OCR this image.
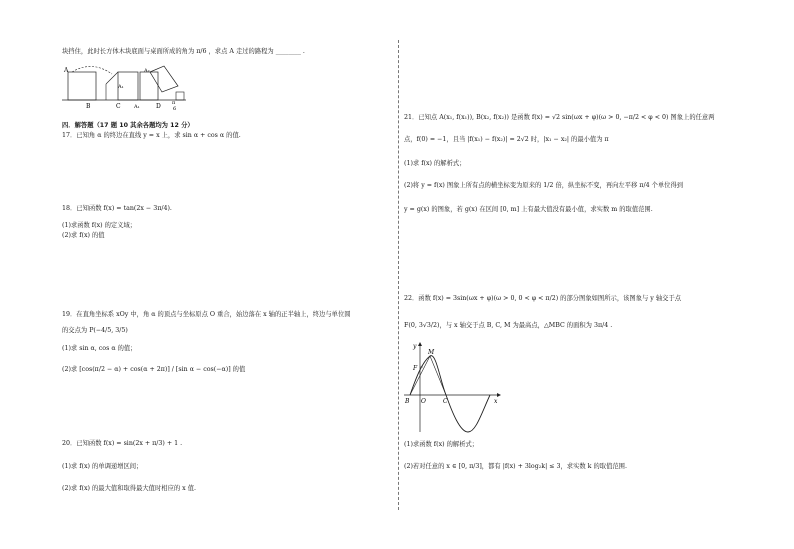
块挡住，此时长方体木块底面与桌面所成的角为 π/6 ，求点 A 走过的路程为 ________ .
A
A₁
A₂
B	C	A₁	D π
6
四．解答题（17 题 10 其余各题均为 12 分）
17．已知角 α 的终边在直线 y = x 上，求 sin α + cos α 的值.
18．已知函数 f(x) = tan(2x − 3π/4).
(1)求函数 f(x) 的定义域；
(2)求 f(x) 的值
19．在直角坐标系 xOy 中，角 α 的顶点与坐标原点 O 重合，始边落在 x 轴的正半轴上，终边与单位圆
的交点为 P(−4/5, 3/5)
(1)求 sin α, cos α 的值；
(2)求 [cos(π/2 − α) + cos(α + 2π)] / [sin α − cos(−α)] 的值
20．已知函数 f(x) = sin(2x + π/3) + 1 .
(1)求 f(x) 的单调递增区间；
(2)求 f(x) 的最大值和取得最大值时相应的 x 值.
21．已知点 A(x₁, f(x₁)), B(x₂, f(x₂)) 是函数 f(x) = √2 sin(ωx + φ)(ω > 0, −π/2 < φ < 0) 图象上的任意两
点，f(0) = −1，且当 |f(x₁) − f(x₂)| = 2√2 时，|x₁ − x₂| 的最小值为 π
(1)求 f(x) 的解析式；
(2)将 y = f(x) 图象上所有点的横坐标变为原来的 1/2 倍，纵坐标不变，再向左平移 π/4 个单位得到
y = g(x) 的图象，若 g(x) 在区间 [0, m] 上有最大值没有最小值，求实数 m 的取值范围.
22．函数 f(x) = 3sin(ωx + φ)(ω > 0, 0 < φ < π/2) 的部分图象如图所示，该图象与 y 轴交于点
F(0, 3√3/2)，与 x 轴交于点 B, C, M 为最高点，△MBC 的面积为 3π/4 .
y
M
F
B O	C	x
(1)求函数 f(x) 的解析式；
(2)若对任意的 x ∈ [0, π/3]，都有 |f(x) + 3log₂k| ≤ 3，求实数 k 的取值范围.
